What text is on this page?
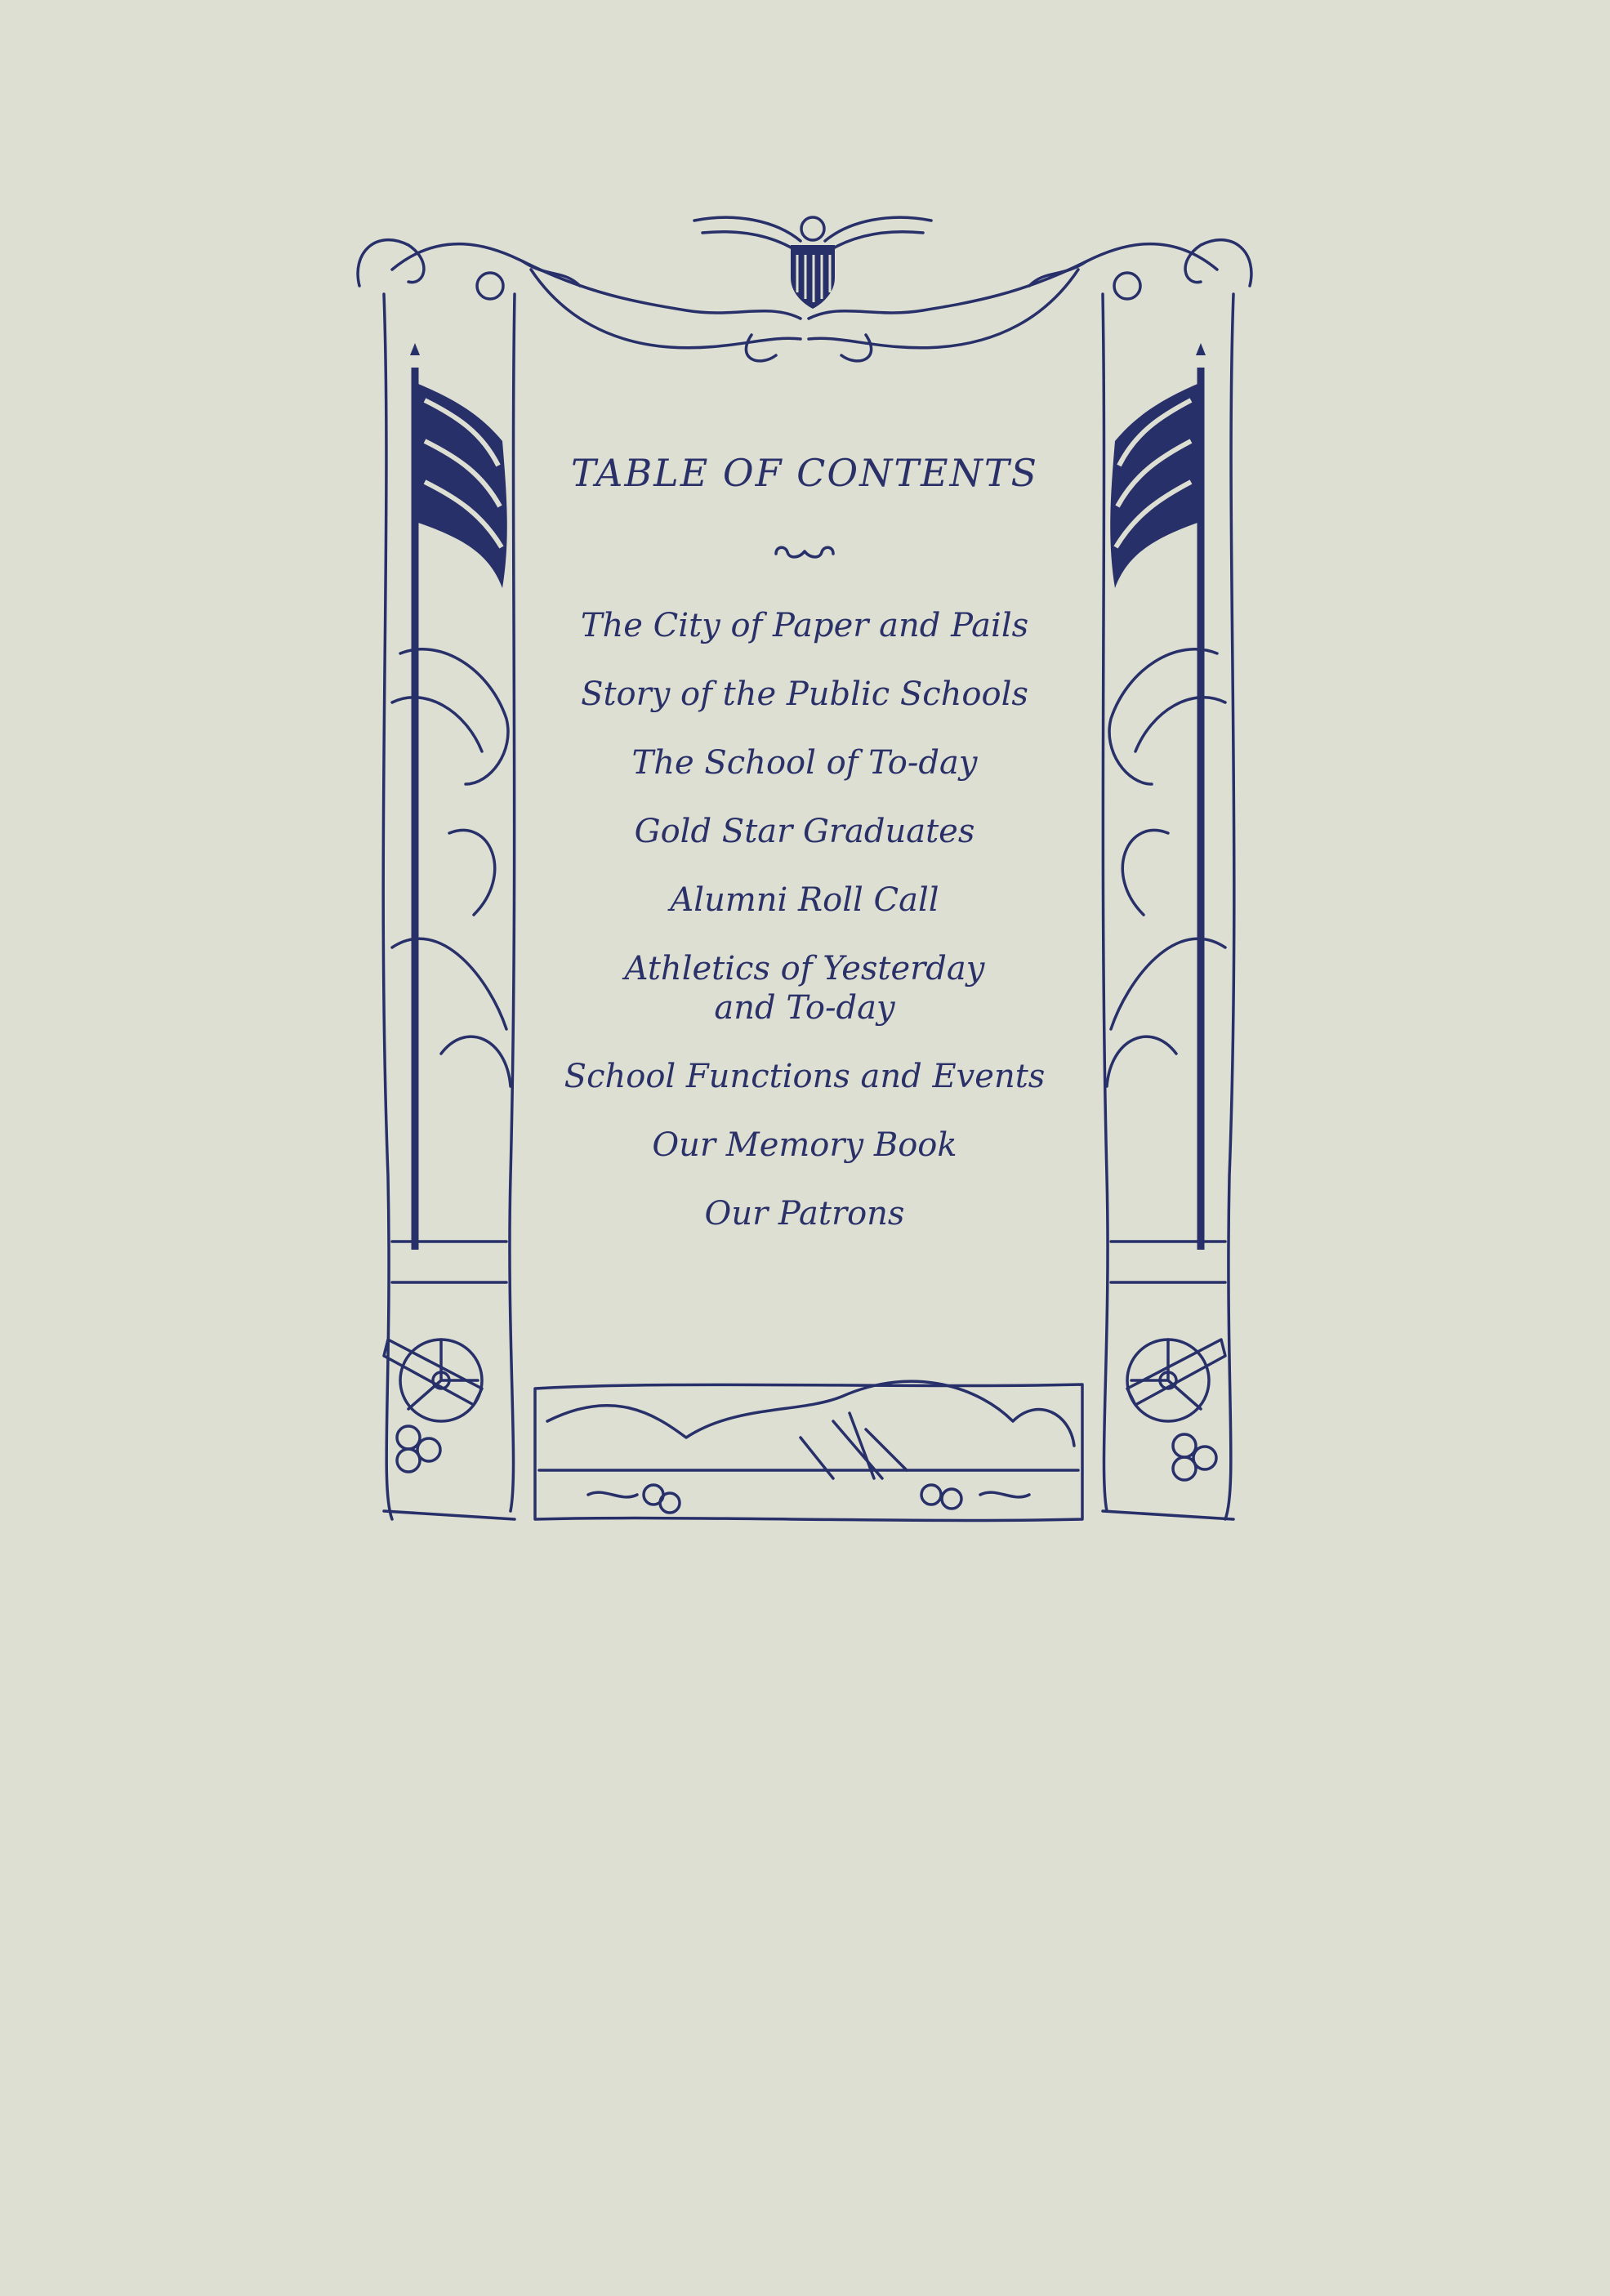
TABLE OF CONTENTS
The City of Paper and Pails
Story of the Public Schools
The School of To-day
Gold Star Graduates
Alumni Roll Call
Athletics of Yesterday and To-day
School Functions and Events
Our Memory Book
Our Patrons
